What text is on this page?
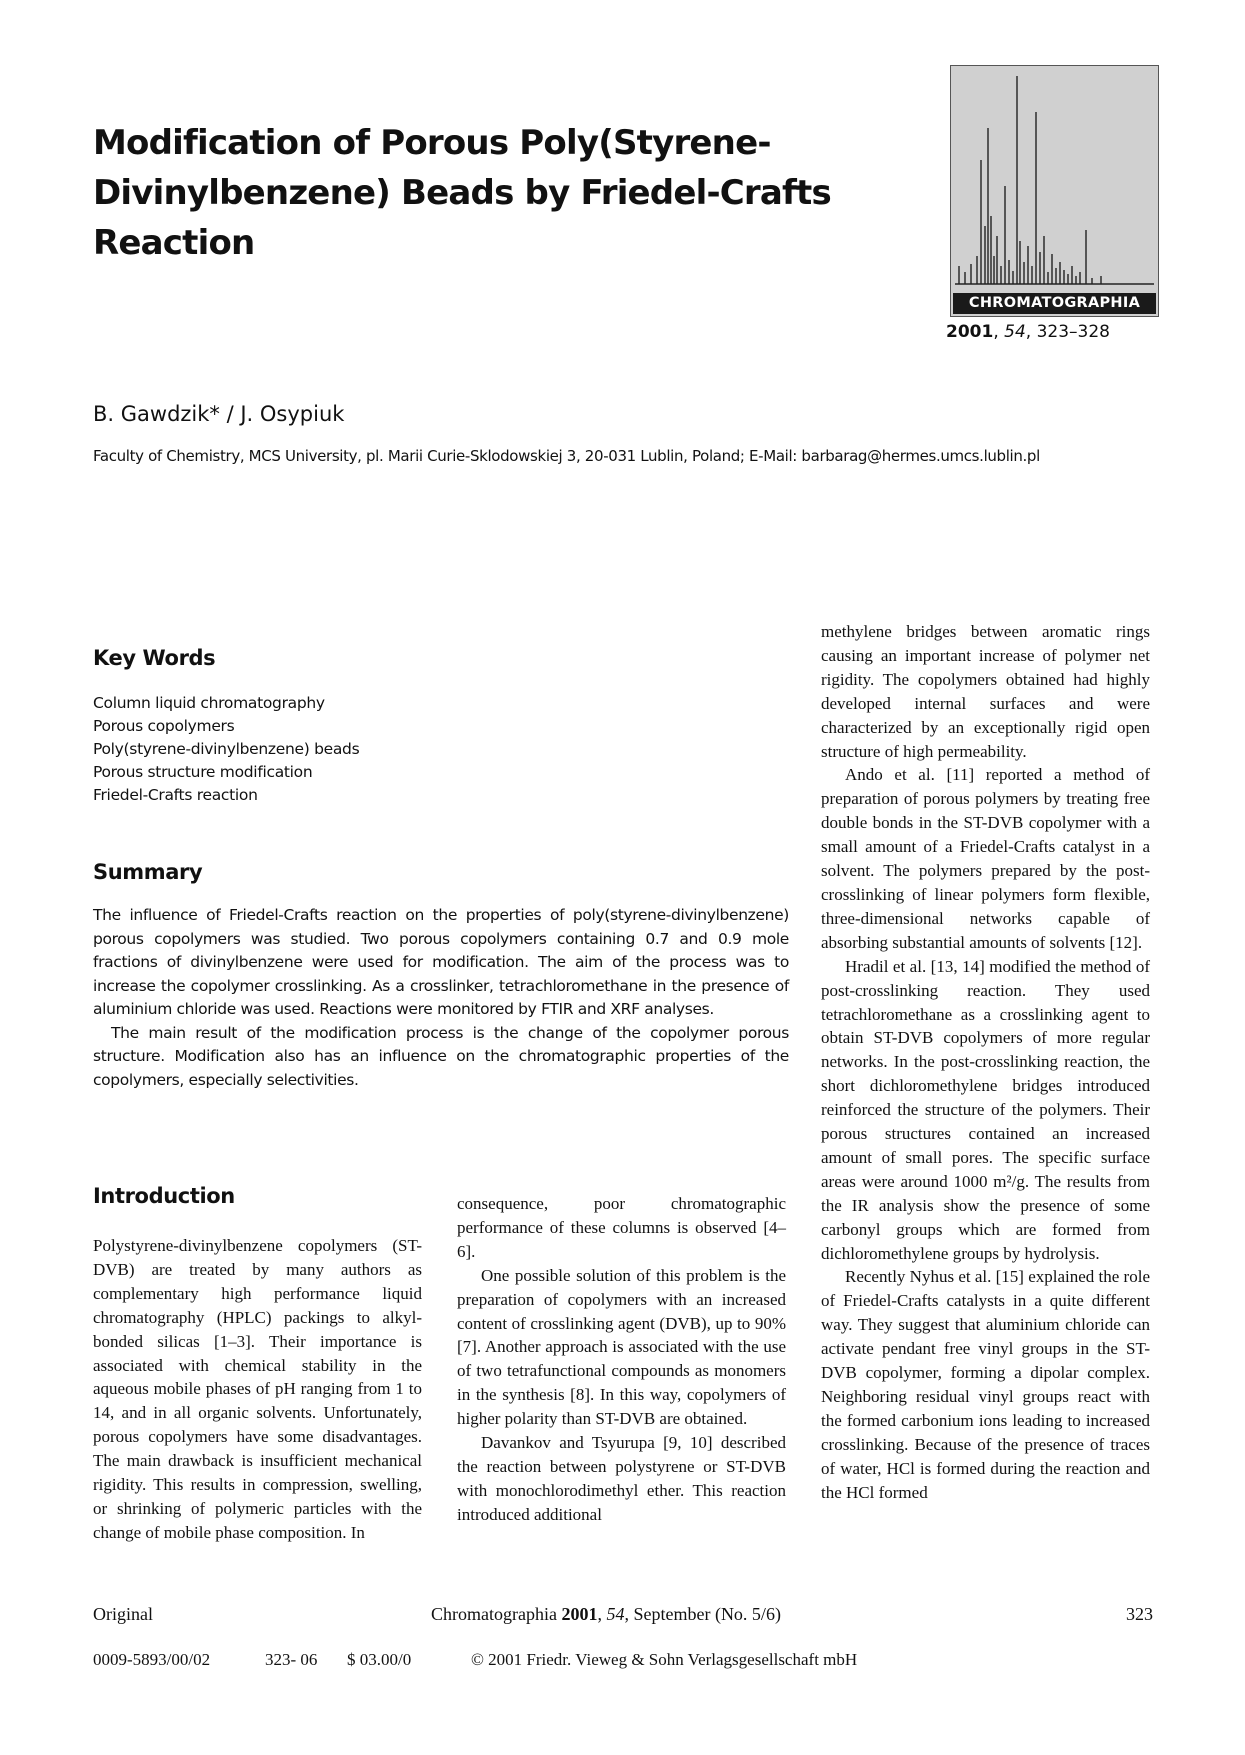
Modification of Porous Poly(Styrene-Divinylbenzene) Beads by Friedel-Crafts Reaction
CHROMATOGRAPHIA
2001, 54, 323–328
B. Gawdzik* / J. Osypiuk
Faculty of Chemistry, MCS University, pl. Marii Curie-Sklodowskiej 3, 20-031 Lublin, Poland; E-Mail: barbarag@hermes.umcs.lublin.pl
Key Words
Column liquid chromatography
Porous copolymers
Poly(styrene-divinylbenzene) beads
Porous structure modification
Friedel-Crafts reaction
Summary

The influence of Friedel-Crafts reaction on the properties of poly(styrene-divinylbenzene) porous copolymers was studied. Two porous copolymers containing 0.7 and 0.9 mole fractions of divinylbenzene were used for modification. The aim of the process was to increase the copolymer crosslinking. As a crosslinker, tetrachloromethane in the presence of aluminium chloride was used. Reactions were monitored by FTIR and XRF analyses.

The main result of the modification process is the change of the copolymer porous structure. Modification also has an influence on the chromatographic properties of the copolymers, especially selectivities.

Introduction

Polystyrene-divinylbenzene copolymers (ST-DVB) are treated by many authors as complementary high performance liquid chromatography (HPLC) packings to alkyl-bonded silicas [1–3]. Their importance is associated with chemical stability in the aqueous mobile phases of pH ranging from 1 to 14, and in all organic solvents. Unfortunately, porous copolymers have some disadvantages. The main drawback is insufficient mechanical rigidity. This results in compression, swelling, or shrinking of polymeric particles with the change of mobile phase composition. In

consequence, poor chromatographic performance of these columns is observed [4–6].

One possible solution of this problem is the preparation of copolymers with an increased content of crosslinking agent (DVB), up to 90% [7]. Another approach is associated with the use of two tetrafunctional compounds as monomers in the synthesis [8]. In this way, copolymers of higher polarity than ST-DVB are obtained.

Davankov and Tsyurupa [9, 10] described the reaction between polystyrene or ST-DVB with monochlorodimethyl ether. This reaction introduced additional

methylene bridges between aromatic rings causing an important increase of polymer net rigidity. The copolymers obtained had highly developed internal surfaces and were characterized by an exceptionally rigid open structure of high permeability.

Ando et al. [11] reported a method of preparation of porous polymers by treating free double bonds in the ST-DVB copolymer with a small amount of a Friedel-Crafts catalyst in a solvent. The polymers prepared by the post-crosslinking of linear polymers form flexible, three-dimensional networks capable of absorbing substantial amounts of solvents [12].

Hradil et al. [13, 14] modified the method of post-crosslinking reaction. They used tetrachloromethane as a crosslinking agent to obtain ST-DVB copolymers of more regular networks. In the post-crosslinking reaction, the short dichloromethylene bridges introduced reinforced the structure of the polymers. Their porous structures contained an increased amount of small pores. The specific surface areas were around 1000 m²/g. The results from the IR analysis show the presence of some carbonyl groups which are formed from dichloromethylene groups by hydrolysis.

Recently Nyhus et al. [15] explained the role of Friedel-Crafts catalysts in a quite different way. They suggest that aluminium chloride can activate pendant free vinyl groups in the ST-DVB copolymer, forming a dipolar complex. Neighboring residual vinyl groups react with the formed carbonium ions leading to increased crosslinking. Because of the presence of traces of water, HCl is formed during the reaction and the HCl formed

Original	Chromatographia 2001, 54, September (No. 5/6)	323
0009-5893/00/02	323- 06 $ 03.00/0	© 2001 Friedr. Vieweg & Sohn Verlagsgesellschaft mbH
